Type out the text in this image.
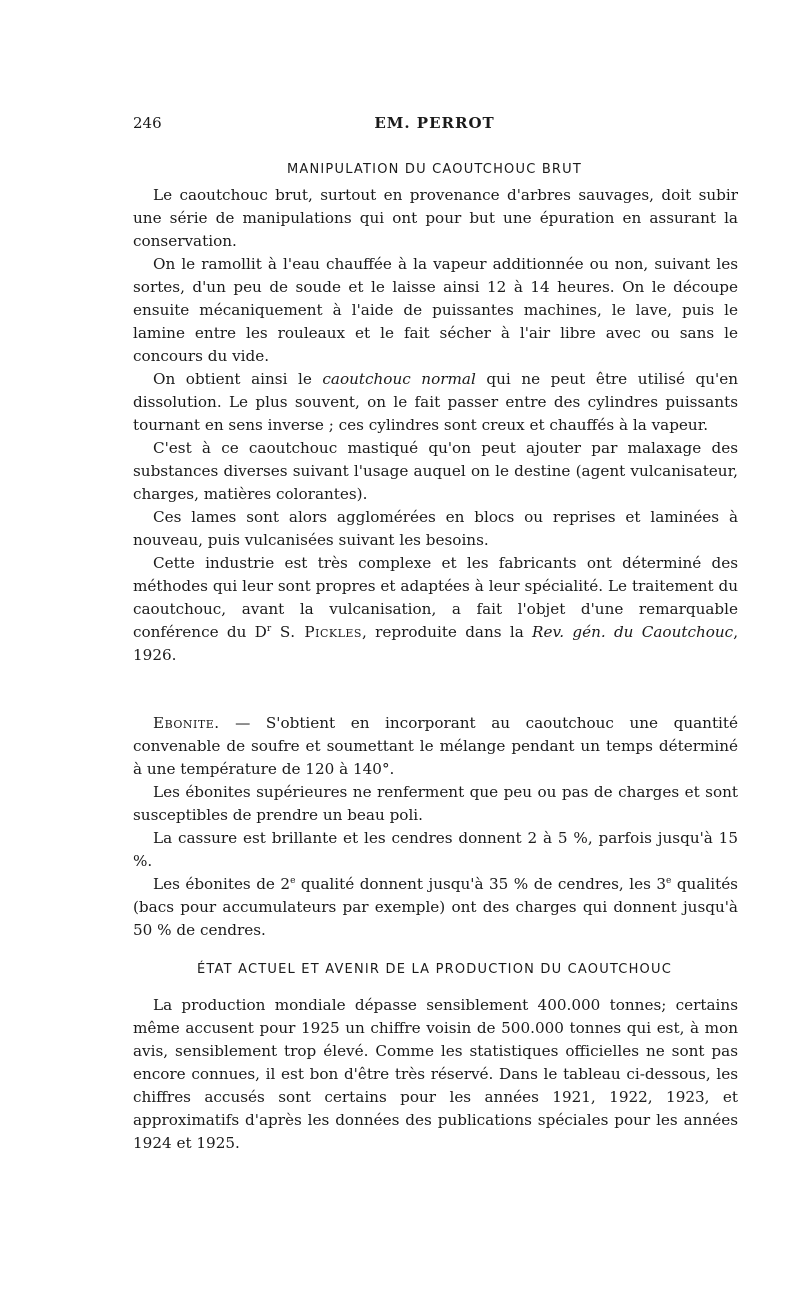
246	EM. PERROT
MANIPULATION DU CAOUTCHOUC BRUT

Le caoutchouc brut, surtout en provenance d'arbres sauvages, doit subir une série de manipulations qui ont pour but une épuration en assurant la conservation.

On le ramollit à l'eau chauffée à la vapeur additionnée ou non, suivant les sortes, d'un peu de soude et le laisse ainsi 12 à 14 heures. On le découpe ensuite mécaniquement à l'aide de puissantes machines, le lave, puis le lamine entre les rouleaux et le fait sécher à l'air libre avec ou sans le concours du vide.

On obtient ainsi le caoutchouc normal qui ne peut être utilisé qu'en dissolution. Le plus souvent, on le fait passer entre des cylindres puissants tournant en sens inverse ; ces cylindres sont creux et chauffés à la vapeur.

C'est à ce caoutchouc mastiqué qu'on peut ajouter par malaxage des substances diverses suivant l'usage auquel on le destine (agent vulcanisateur, charges, matières colorantes).

Ces lames sont alors agglomérées en blocs ou reprises et laminées à nouveau, puis vulcanisées suivant les besoins.

Cette industrie est très complexe et les fabricants ont déterminé des méthodes qui leur sont propres et adaptées à leur spécialité. Le traitement du caoutchouc, avant la vulcanisation, a fait l'objet d'une remarquable conférence du $D^r$ S. Pickles, reproduite dans la Rev. gén. du Caoutchouc, 1926.

Ebonite. — S'obtient en incorporant au caoutchouc une quantité convenable de soufre et soumettant le mélange pendant un temps déterminé à une température de 120 à 140°.

Les ébonites supérieures ne renferment que peu ou pas de charges et sont susceptibles de prendre un beau poli.

La cassure est brillante et les cendres donnent 2 à 5 %, parfois jusqu'à 15 %.

Les ébonites de 2e qualité donnent jusqu'à 35 % de cendres, les 3e qualités (bacs pour accumulateurs par exemple) ont des charges qui donnent jusqu'à 50 % de cendres.

ÉTAT ACTUEL ET AVENIR DE LA PRODUCTION DU CAOUTCHOUC

La production mondiale dépasse sensiblement 400.000 tonnes; certains même accusent pour 1925 un chiffre voisin de 500.000 tonnes qui est, à mon avis, sensiblement trop élevé. Comme les statistiques officielles ne sont pas encore connues, il est bon d'être très réservé. Dans le tableau ci-dessous, les chiffres accusés sont certains pour les années 1921, 1922, 1923, et approximatifs d'après les données des publications spéciales pour les années 1924 et 1925.
